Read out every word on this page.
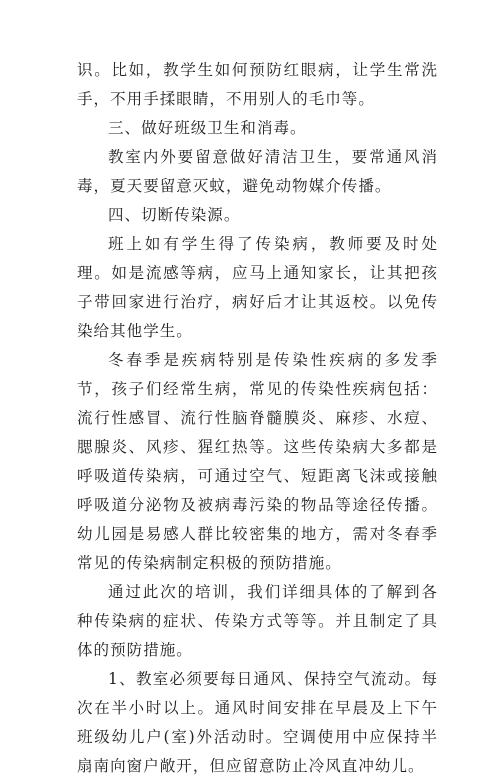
识。比如，教学生如何预防红眼病，让学生常洗手，不用手揉眼睛，不用别人的毛巾等。

三、做好班级卫生和消毒。

教室内外要留意做好清洁卫生，要常通风消毒，夏天要留意灭蚊，避免动物媒介传播。

四、切断传染源。

班上如有学生得了传染病，教师要及时处理。如是流感等病，应马上通知家长，让其把孩子带回家进行治疗，病好后才让其返校。以免传染给其他学生。

冬春季是疾病特别是传染性疾病的多发季节，孩子们经常生病，常见的传染性疾病包括：流行性感冒、流行性脑脊髓膜炎、麻疹、水痘、腮腺炎、风疹、猩红热等。这些传染病大多都是呼吸道传染病，可通过空气、短距离飞沫或接触呼吸道分泌物及被病毒污染的物品等途径传播。幼儿园是易感人群比较密集的地方，需对冬春季常见的传染病制定积极的预防措施。

通过此次的培训，我们详细具体的了解到各种传染病的症状、传染方式等等。并且制定了具体的预防措施。

1、教室必须要每日通风、保持空气流动。每次在半小时以上。通风时间安排在早晨及上下午班级幼儿户(室)外活动时。空调使用中应保持半扇南向窗户敞开，但应留意防止冷风直冲幼儿。
